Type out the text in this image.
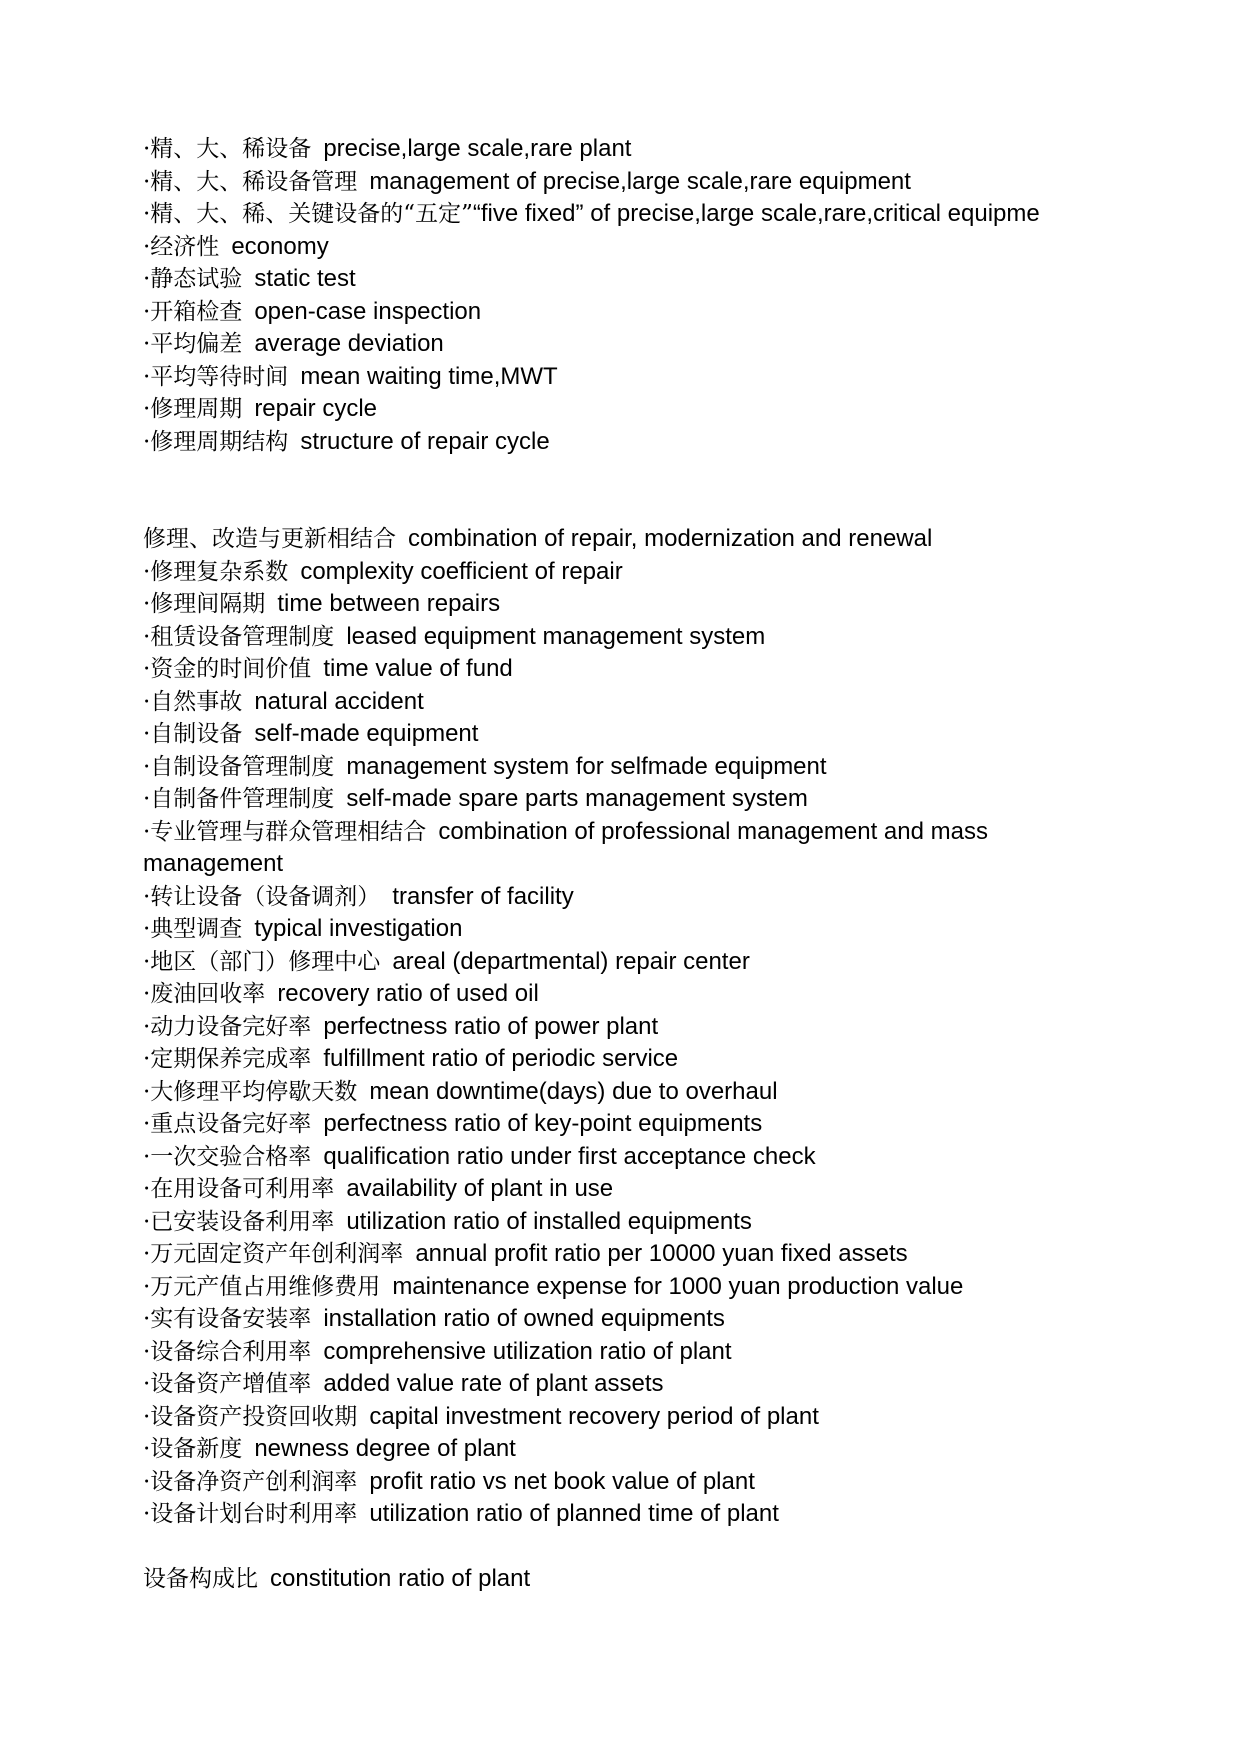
·精、大、稀设备 precise,large scale,rare plant

·精、大、稀设备管理 management of precise,large scale,rare equipment

·精、大、稀、关键设备的“五定”“five fixed” of precise,large scale,rare,critical equipme

·经济性 economy

·静态试验 static test

·开箱检查 open-case inspection

·平均偏差 average deviation

·平均等待时间 mean waiting time,MWT

·修理周期 repair cycle

·修理周期结构 structure of repair cycle

修理、改造与更新相结合 combination of repair, modernization and renewal

·修理复杂系数 complexity coefficient of repair

·修理间隔期 time between repairs

·租赁设备管理制度 leased equipment management system

·资金的时间价值 time value of fund

·自然事故 natural accident

·自制设备 self-made equipment

·自制设备管理制度 management system for selfmade equipment

·自制备件管理制度 self-made spare parts management system

·专业管理与群众管理相结合 combination of professional management and mass management

·转让设备（设备调剂） transfer of facility

·典型调查 typical investigation

·地区（部门）修理中心 areal (departmental) repair center

·废油回收率 recovery ratio of used oil

·动力设备完好率 perfectness ratio of power plant

·定期保养完成率 fulfillment ratio of periodic service

·大修理平均停歇天数 mean downtime(days) due to overhaul

·重点设备完好率 perfectness ratio of key-point equipments

·一次交验合格率 qualification ratio under first acceptance check

·在用设备可利用率 availability of plant in use

·已安装设备利用率 utilization ratio of installed equipments

·万元固定资产年创利润率 annual profit ratio per 10000 yuan fixed assets

·万元产值占用维修费用 maintenance expense for 1000 yuan production value

·实有设备安装率 installation ratio of owned equipments

·设备综合利用率 comprehensive utilization ratio of plant

·设备资产增值率 added value rate of plant assets

·设备资产投资回收期 capital investment recovery period of plant

·设备新度 newness degree of plant

·设备净资产创利润率 profit ratio vs net book value of plant

·设备计划台时利用率 utilization ratio of planned time of plant

设备构成比 constitution ratio of plant
